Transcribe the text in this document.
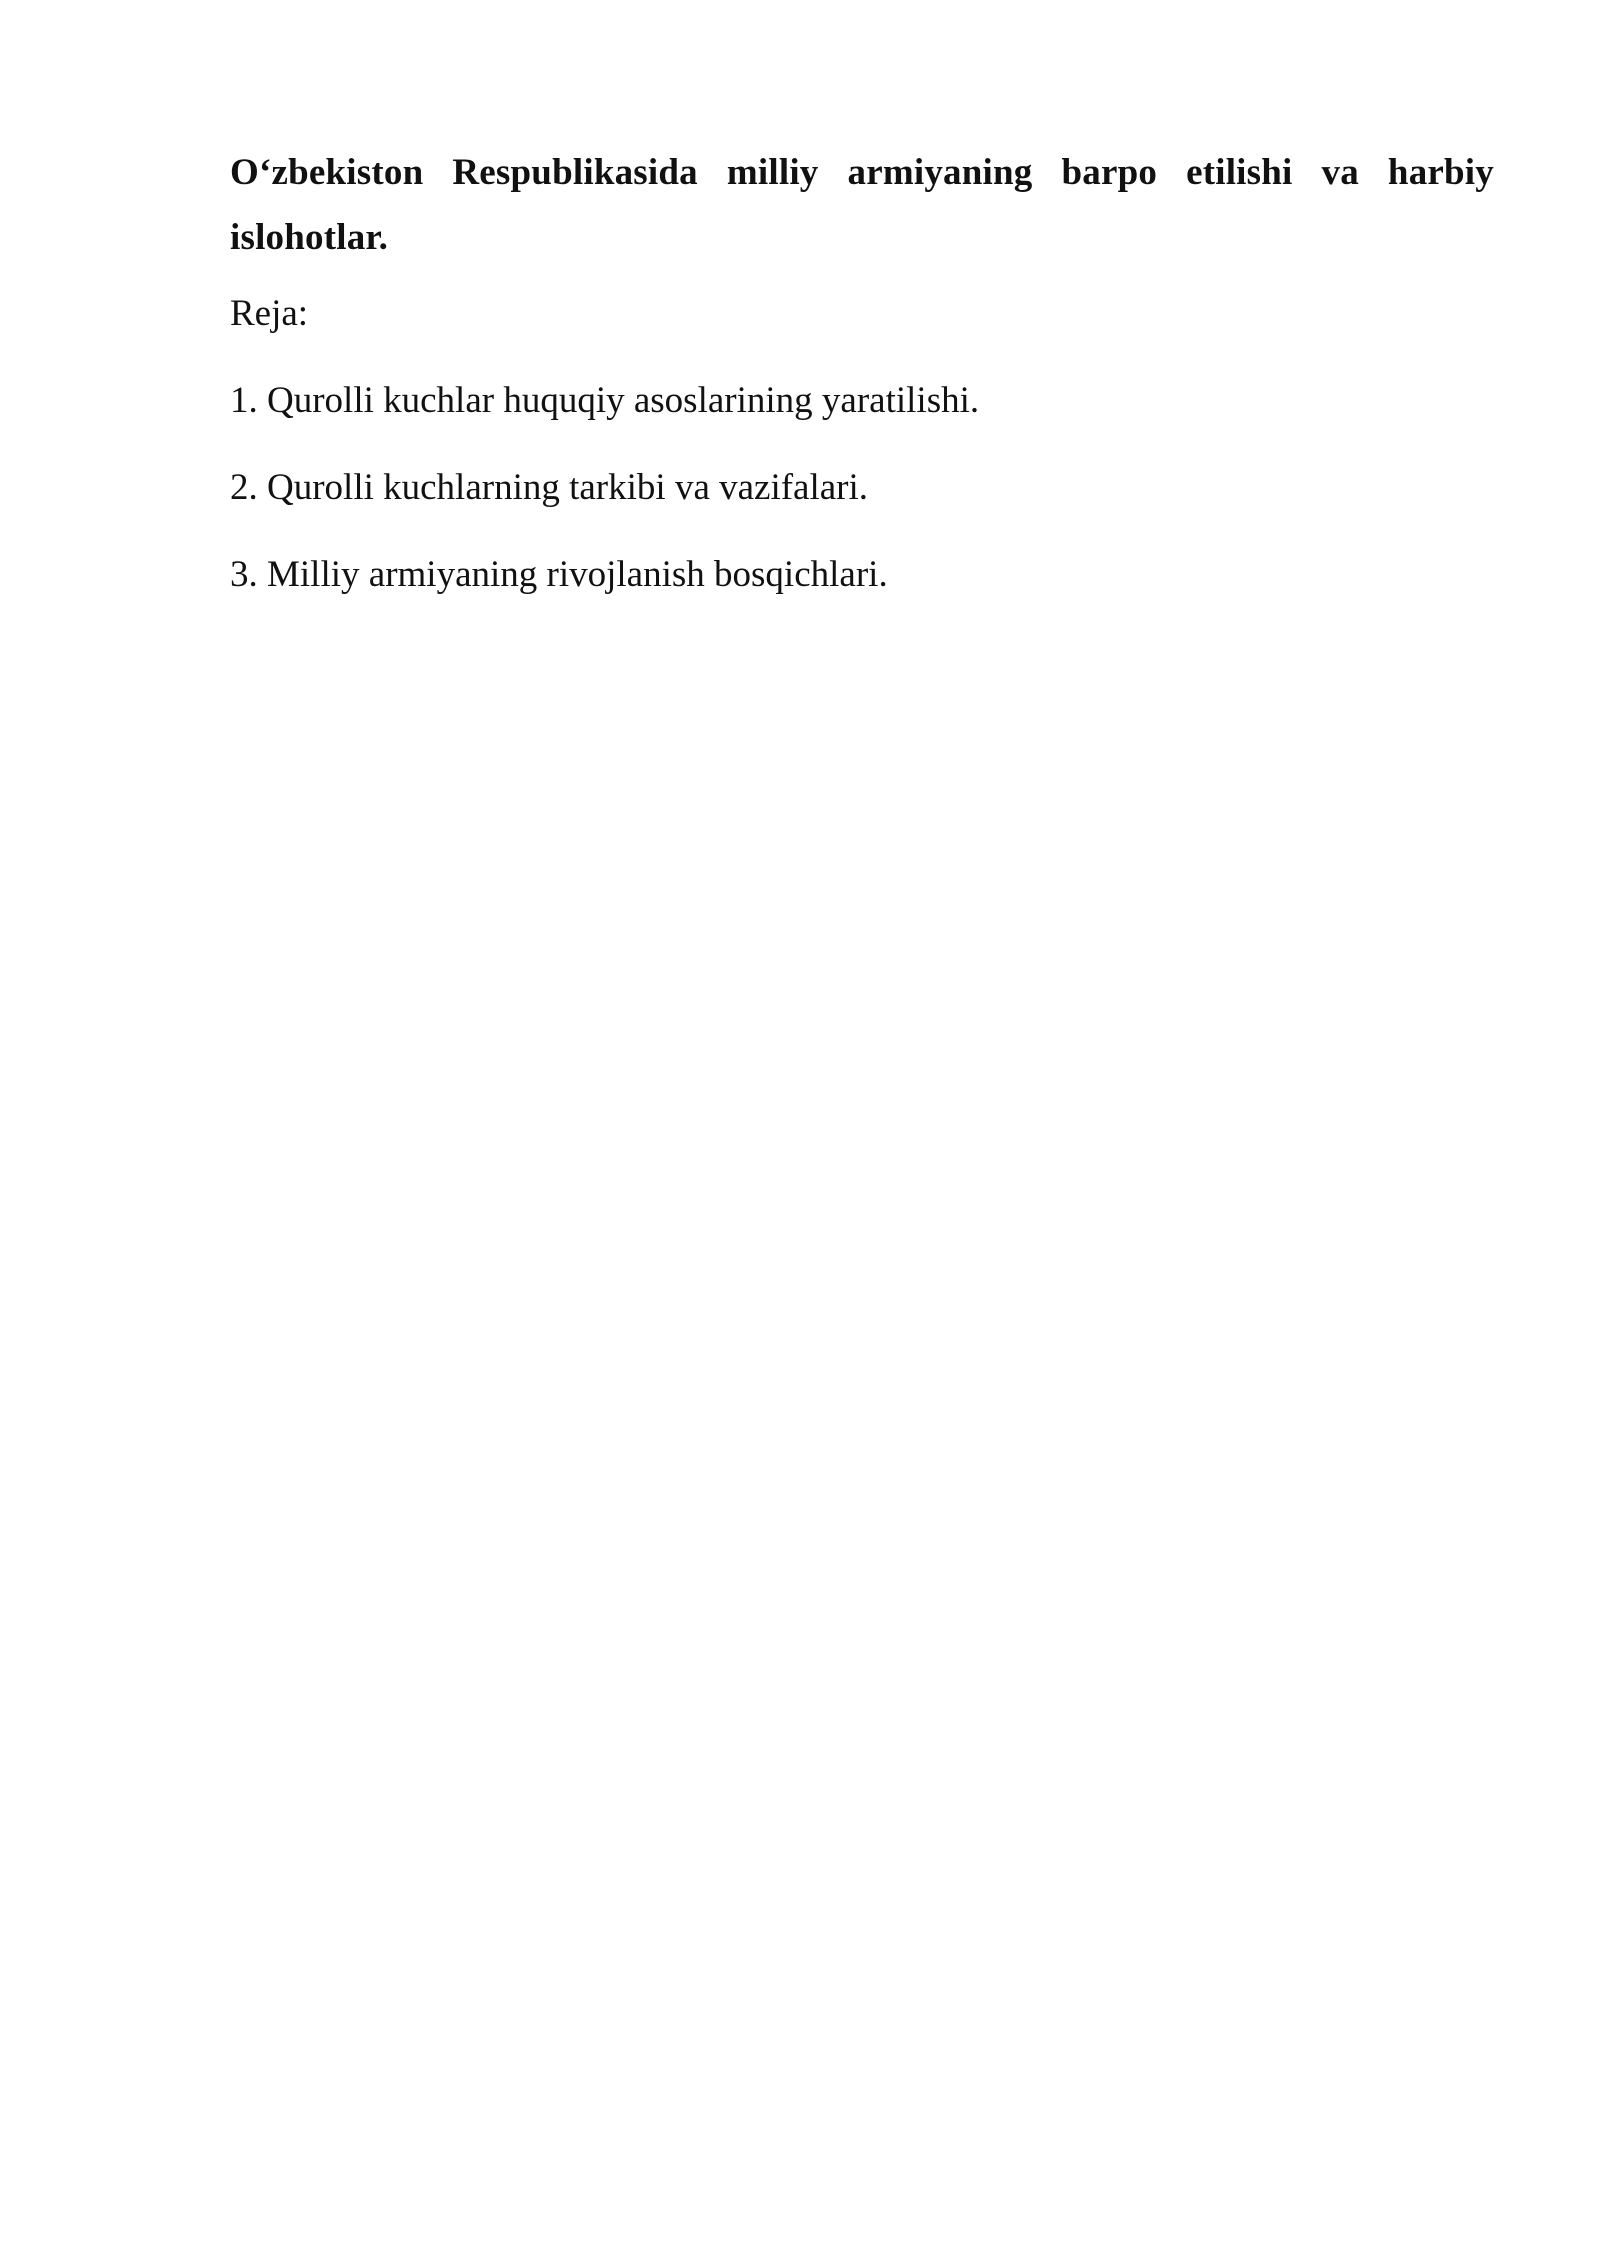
O‘zbekiston Respublikasida milliy armiyaning barpo etilishi va harbiy islohotlar.

Reja:

1. Qurolli kuchlar huquqiy asoslarining yaratilishi.
2. Qurolli kuchlarning tarkibi va vazifalari.
3. Milliy armiyaning rivojlanish bosqichlari.
